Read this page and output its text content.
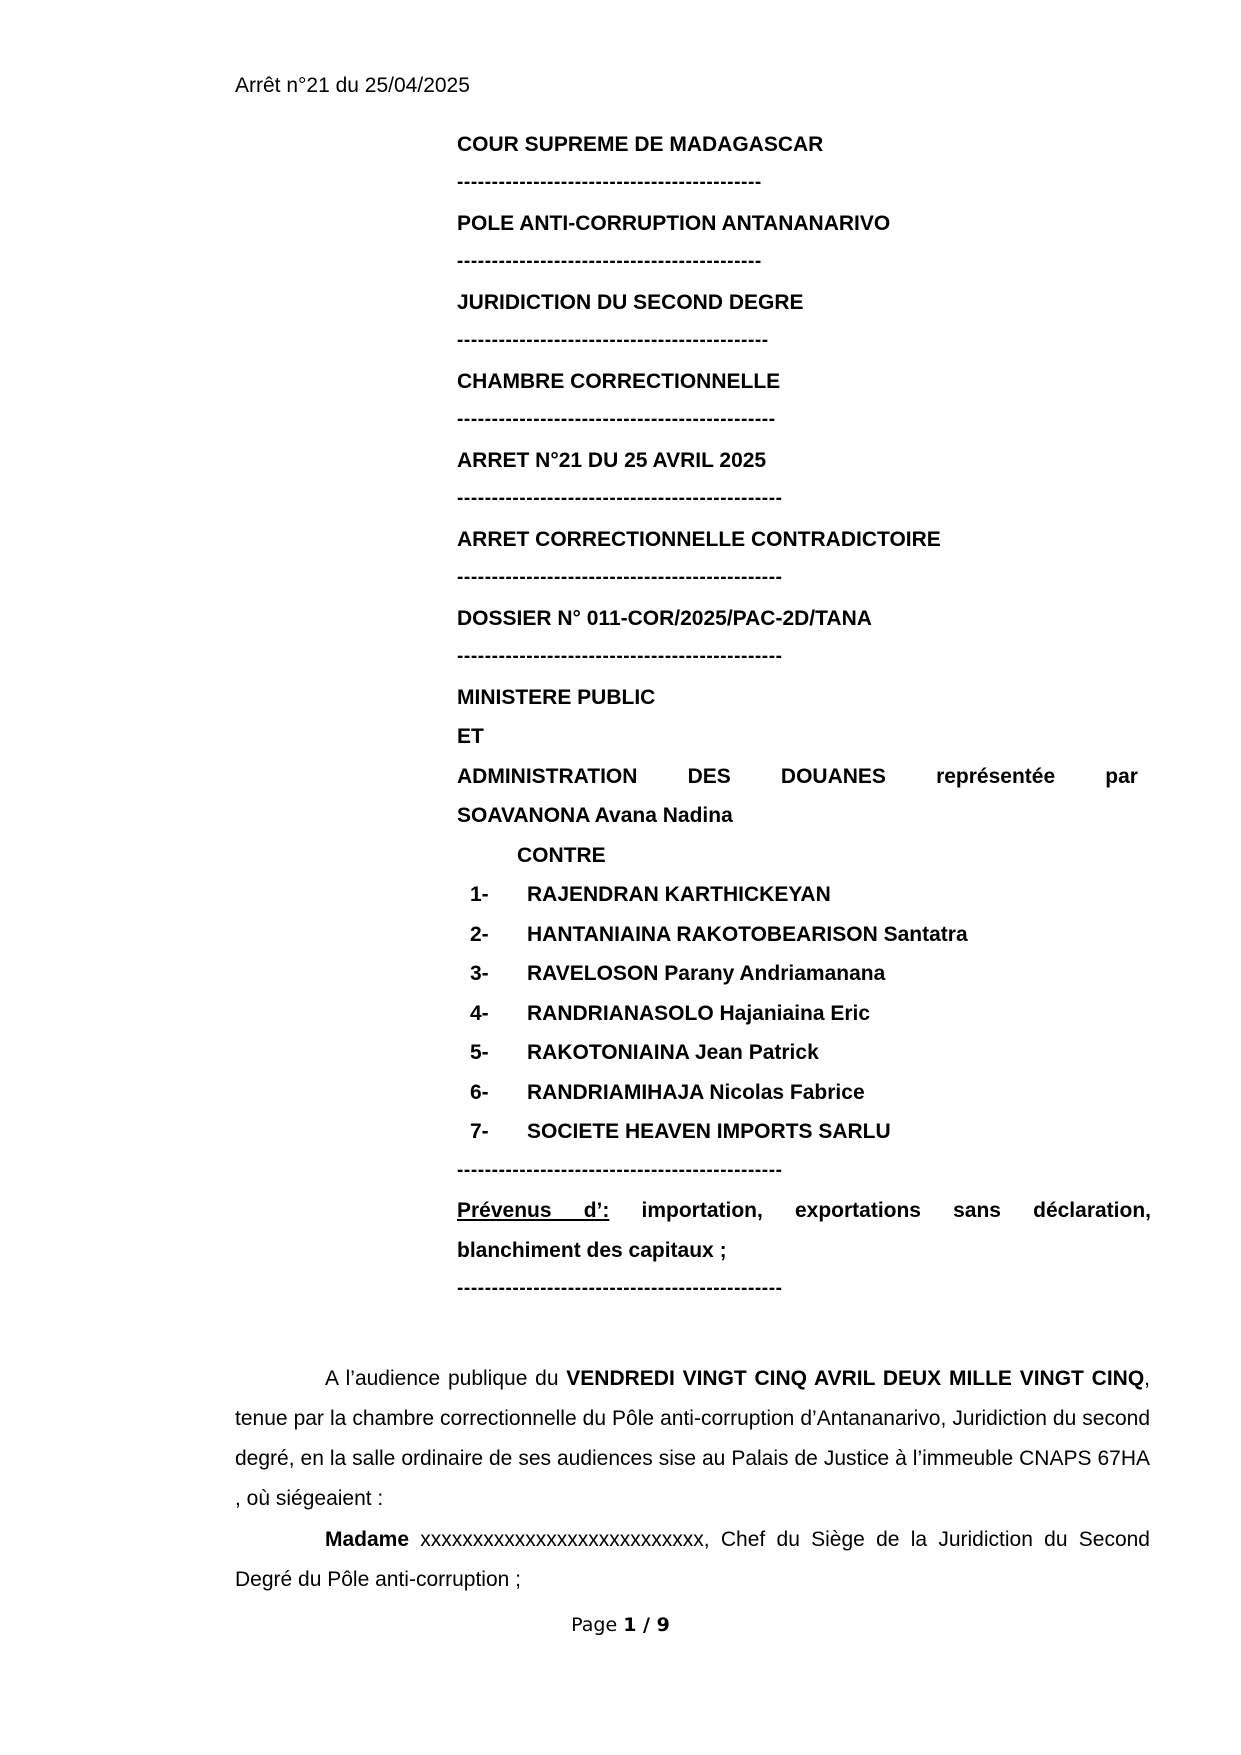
Arrêt n°21 du 25/04/2025
COUR SUPREME DE MADAGASCAR
--------------------------------------------
POLE ANTI-CORRUPTION ANTANANARIVO
--------------------------------------------
JURIDICTION DU SECOND DEGRE
---------------------------------------------
CHAMBRE CORRECTIONNELLE
----------------------------------------------
ARRET N°21 DU 25 AVRIL 2025
-----------------------------------------------
ARRET CORRECTIONNELLE CONTRADICTOIRE
-----------------------------------------------
DOSSIER N° 011-COR/2025/PAC-2D/TANA
-----------------------------------------------
MINISTERE PUBLIC
ET
ADMINISTRATION DES DOUANES représentée par
SOAVANONA Avana Nadina
CONTRE
1- RAJENDRAN KARTHICKEYAN
2- HANTANIAINA RAKOTOBEARISON Santatra
3- RAVELOSON Parany Andriamanana
4- RANDRIANASOLO Hajaniaina Eric
5- RAKOTONIAINA Jean Patrick
6- RANDRIAMIHAJA Nicolas Fabrice
7- SOCIETE HEAVEN IMPORTS SARLU
-----------------------------------------------
Prévenus d’: importation, exportations sans déclaration,
blanchiment des capitaux ;
-----------------------------------------------
A l’audience publique du VENDREDI VINGT CINQ AVRIL DEUX MILLE VINGT CINQ, tenue par la chambre correctionnelle du Pôle anti-corruption d’Antananarivo, Juridiction du second degré, en la salle ordinaire de ses audiences sise au Palais de Justice à l’immeuble CNAPS 67HA , où siégeaient :
Madame xxxxxxxxxxxxxxxxxxxxxxxxxxx, Chef du Siège de la Juridiction du Second Degré du Pôle anti-corruption ;
Page 1 / 9
